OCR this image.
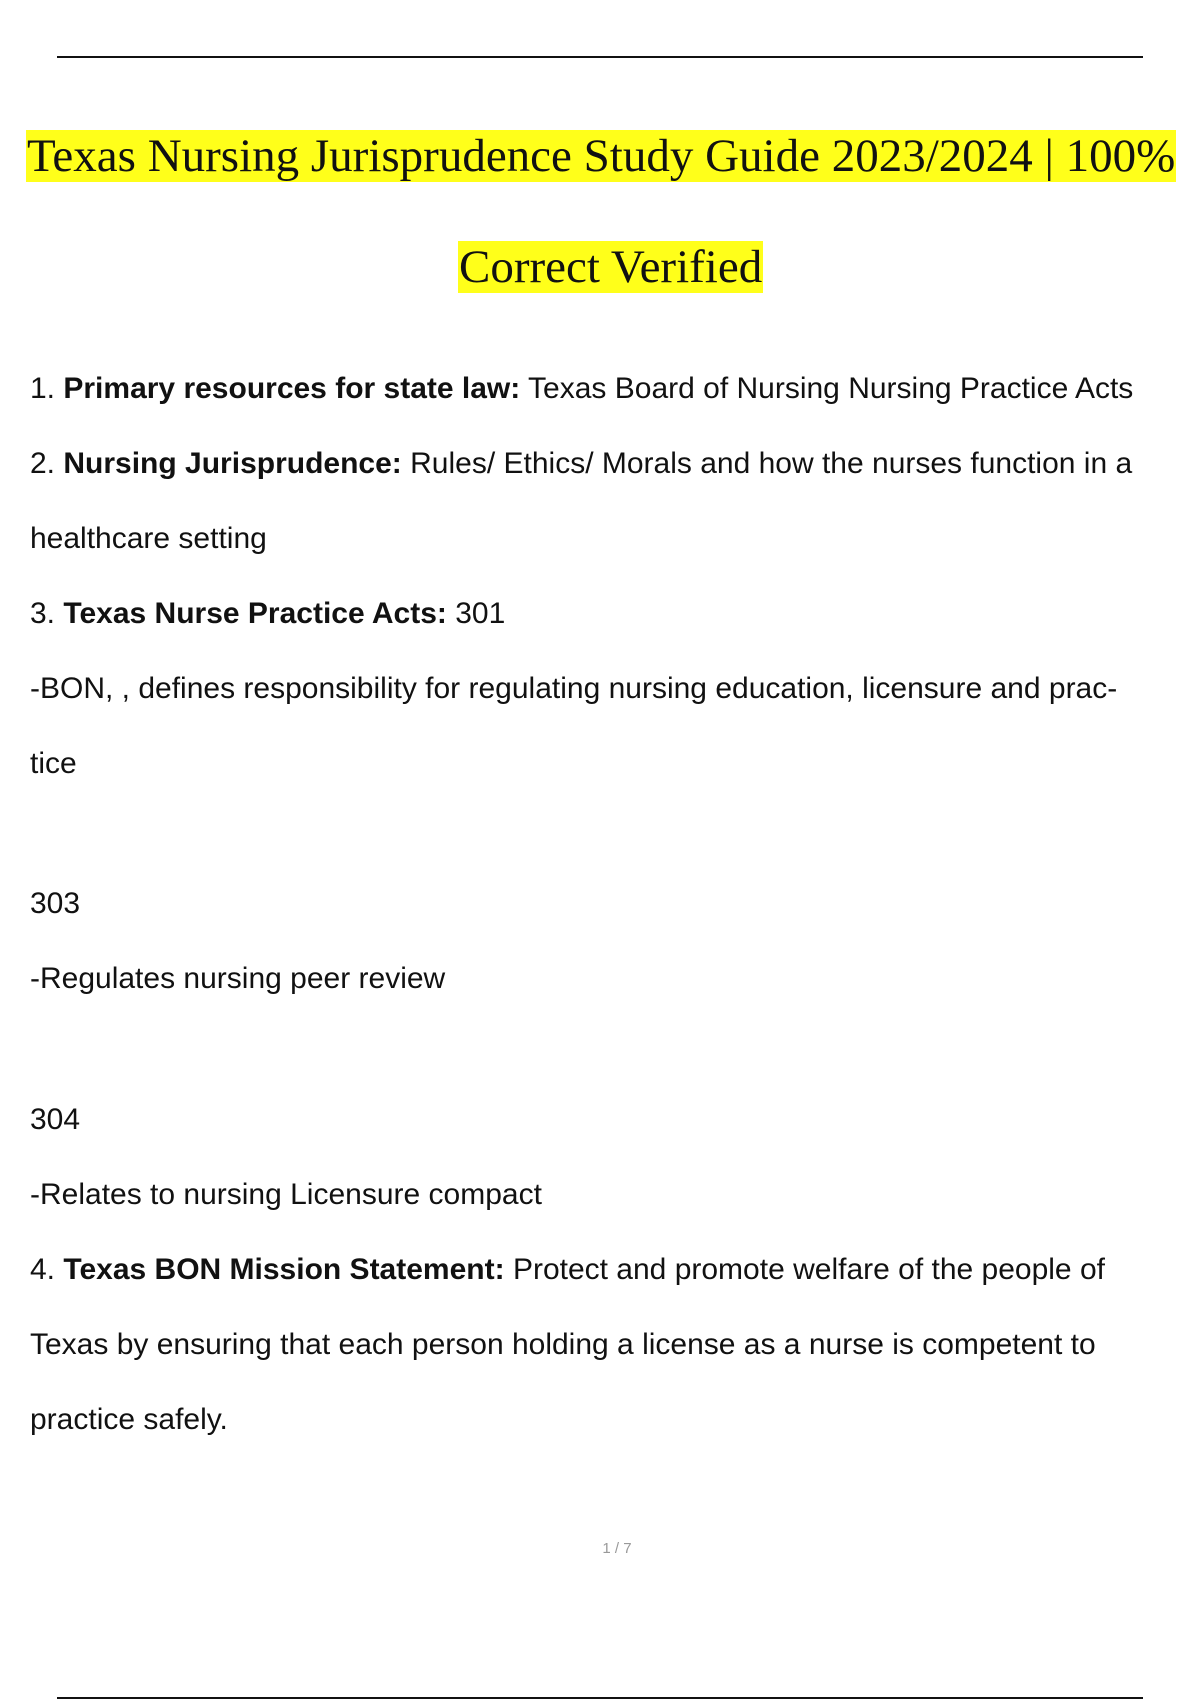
Texas Nursing Jurisprudence Study Guide 2023/2024 | 100%
Correct Verified
1. Primary resources for state law: Texas Board of Nursing Nursing Practice Acts
2. Nursing Jurisprudence: Rules/ Ethics/ Morals and how the nurses function in a
healthcare setting
3. Texas Nurse Practice Acts: 301
-BON, , defines responsibility for regulating nursing education, licensure and prac-
tice
303
-Regulates nursing peer review
304
-Relates to nursing Licensure compact
4. Texas BON Mission Statement: Protect and promote welfare of the people of
Texas by ensuring that each person holding a license as a nurse is competent to
practice safely.
1 / 7
